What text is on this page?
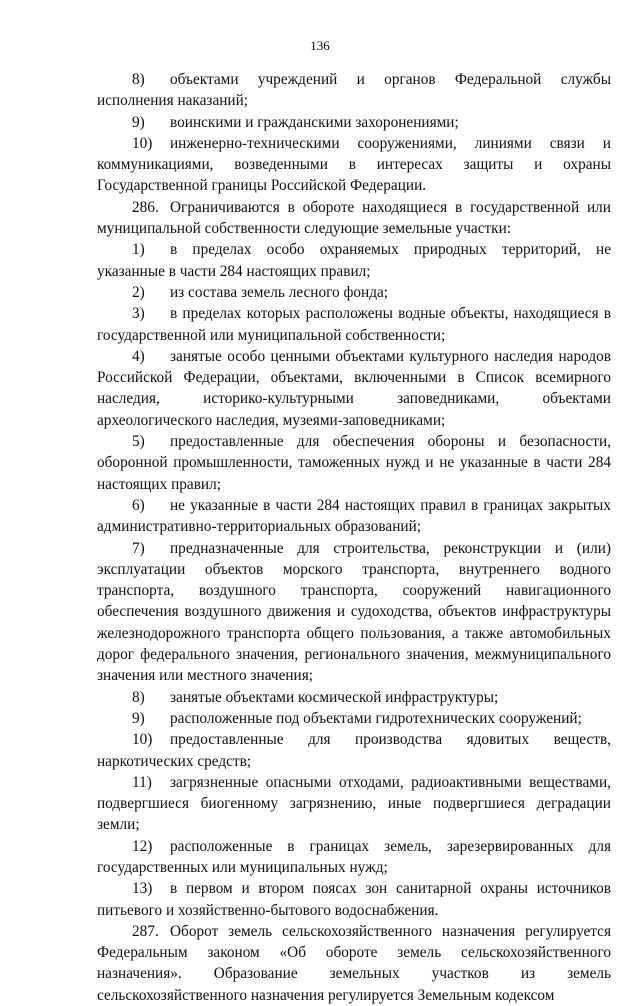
136

8) объектами учреждений и органов Федеральной службы исполнения наказаний;

9) воинскими и гражданскими захоронениями;

10) инженерно-техническими сооружениями, линиями связи и коммуникациями, возведенными в интересах защиты и охраны Государственной границы Российской Федерации.

286. Ограничиваются в обороте находящиеся в государственной или муниципальной собственности следующие земельные участки:

1) в пределах особо охраняемых природных территорий, не указанные в части 284 настоящих правил;

2) из состава земель лесного фонда;

3) в пределах которых расположены водные объекты, находящиеся в государственной или муниципальной собственности;

4) занятые особо ценными объектами культурного наследия народов Российской Федерации, объектами, включенными в Список всемирного наследия, историко-культурными заповедниками, объектами археологического наследия, музеями-заповедниками;

5) предоставленные для обеспечения обороны и безопасности, оборонной промышленности, таможенных нужд и не указанные в части 284 настоящих правил;

6) не указанные в части 284 настоящих правил в границах закрытых административно-территориальных образований;

7) предназначенные для строительства, реконструкции и (или) эксплуатации объектов морского транспорта, внутреннего водного транспорта, воздушного транспорта, сооружений навигационного обеспечения воздушного движения и судоходства, объектов инфраструктуры железнодорожного транспорта общего пользования, а также автомобильных дорог федерального значения, регионального значения, межмуниципального значения или местного значения;

8) занятые объектами космической инфраструктуры;

9) расположенные под объектами гидротехнических сооружений;

10) предоставленные для производства ядовитых веществ, наркотических средств;

11) загрязненные опасными отходами, радиоактивными веществами, подвергшиеся биогенному загрязнению, иные подвергшиеся деградации земли;

12) расположенные в границах земель, зарезервированных для государственных или муниципальных нужд;

13) в первом и втором поясах зон санитарной охраны источников питьевого и хозяйственно-бытового водоснабжения.

287. Оборот земель сельскохозяйственного назначения регулируется Федеральным законом «Об обороте земель сельскохозяйственного назначения». Образование земельных участков из земель сельскохозяйственного назначения регулируется Земельным кодексом
